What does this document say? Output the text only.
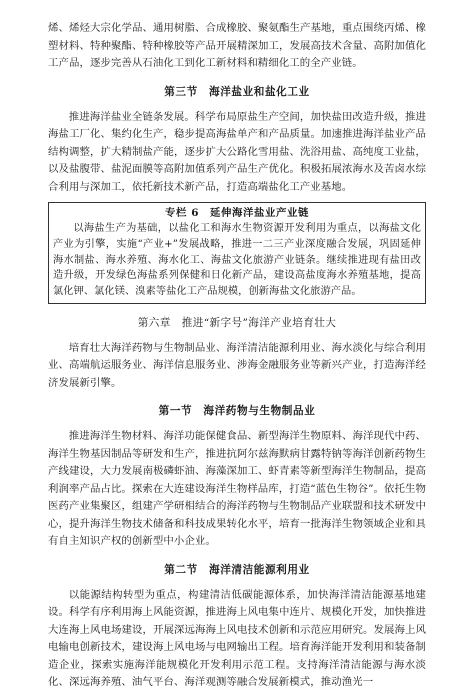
烯、烯烃大宗化学品、通用树脂、合成橡胶、聚氨酯生产基地，重点围绕丙烯、橡塑材料、特种聚酯、特种橡胶等产品开展精深加工，发展高技术含量、高附加值化工产品，逐步完善从石油化工到化工新材料和精细化工的全产业链。

第三节　海洋盐业和盐化工业

推进海洋盐业全链条发展。科学布局原盐生产空间，加快盐田改造升级，推进海盐工厂化、集约化生产，稳步提高海盐单产和产品质量。加速推进海洋盐业产品结构调整，扩大精制盐产能，逐步扩大公路化雪用盐、洗浴用盐、高纯度工业盐，以及盐腹带、盐泥面膜等高附加值系列产品生产优化。积极拓展浓海水及苦卤水综合利用与深加工，依托新技术新产品，打造高端盐化工产业基地。

专栏 6　延伸海洋盐业产业链

以海盐生产为基础，以盐化工和海水生物资源开发利用为重点，以海盐文化产业为引擎，实施“产业+”发展战略，推进一二三产业深度融合发展，巩固延伸海水制盐、海水养殖、海水化工、海盐文化旅游产业链条。继续推进现有盐田改造升级，开发绿色海盐系列保健和日化新产品，建设高盐度海水养殖基地，提高氯化钾、氯化镁、溴素等盐化工产品规模，创新海盐文化旅游产品。

第六章　推进“新字号”海洋产业培育壮大

培育壮大海洋药物与生物制品业、海洋清洁能源利用业、海水淡化与综合利用业、高端航运服务业、海洋信息服务业、涉海金融服务业等新兴产业，打造海洋经济发展新引擎。

第一节　海洋药物与生物制品业

推进海洋生物材料、海洋功能保健食品、新型海洋生物原料、海洋现代中药、海洋生物基因制品等研发和生产，推进抗阿尔兹海默病甘露特钠等海洋创新药物生产线建设，大力发展南极磷虾油、海藻深加工、虾青素等新型海洋生物制品，提高利润率产品占比。探索在大连建设海洋生物样品库，打造“蓝色生物谷”。依托生物医药产业集聚区，组建产学研相结合的海洋药物与生物制品产业联盟和技术研发中心，提升海洋生物技术储备和科技成果转化水平，培育一批海洋生物领域企业和具有自主知识产权的创新型中小企业。

第二节　海洋清洁能源利用业

以能源结构转型为重点，构建清洁低碳能源体系，加快海洋清洁能源基地建设。科学有序利用海上风能资源，推进海上风电集中连片、规模化开发，加快推进大连海上风电场建设，开展深远海海上风电技术创新和示范应用研究。发展海上风电输电创新技术，建设海上风电场与电网输出工程。培育海洋能开发利用和装备制造企业，探索实施海洋能规模化开发利用示范工程。支持海洋清洁能源与海水淡化、深远海养殖、油气平台、海洋观测等融合发展新模式，推动渔光一
